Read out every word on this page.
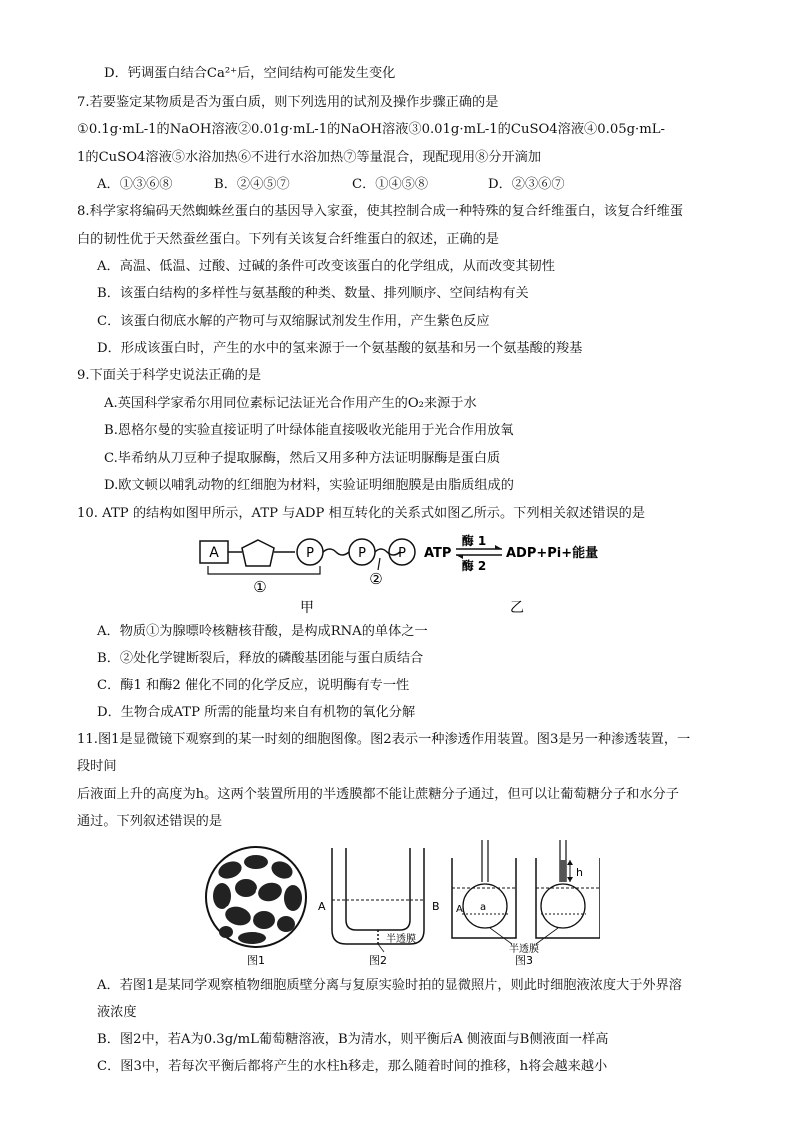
D．钙调蛋白结合Ca²⁺后，空间结构可能发生变化
7.若要鉴定某物质是否为蛋白质，则下列选用的试剂及操作步骤正确的是
①0.1g·mL-1的NaOH溶液②0.01g·mL-1的NaOH溶液③0.01g·mL-1的CuSO4溶液④0.05g·mL-
1的CuSO4溶液⑤水浴加热⑥不进行水浴加热⑦等量混合，现配现用⑧分开滴加
A．①③⑥⑧	B．②④⑤⑦	C．①④⑤⑧	D．②③⑥⑦
8.科学家将编码天然蜘蛛丝蛋白的基因导入家蚕，使其控制合成一种特殊的复合纤维蛋白，该复合纤维蛋
白的韧性优于天然蚕丝蛋白。下列有关该复合纤维蛋白的叙述，正确的是
A．高温、低温、过酸、过碱的条件可改变该蛋白的化学组成，从而改变其韧性
B．该蛋白结构的多样性与氨基酸的种类、数量、排列顺序、空间结构有关
C．该蛋白彻底水解的产物可与双缩脲试剂发生作用，产生紫色反应
D．形成该蛋白时，产生的水中的氢来源于一个氨基酸的氨基和另一个氨基酸的羧基
9.下面关于科学史说法正确的是
A.英国科学家希尔用同位素标记法证光合作用产生的O₂来源于水
B.恩格尔曼的实验直接证明了叶绿体能直接吸收光能用于光合作用放氧
C.毕希纳从刀豆种子提取脲酶，然后又用多种方法证明脲酶是蛋白质
D.欧文顿以哺乳动物的红细胞为材料，实验证明细胞膜是由脂质组成的
10. ATP 的结构如图甲所示，ATP 与ADP 相互转化的关系式如图乙所示。下列相关叙述错误的是
A	P	P P
①	②
甲
ATP
酶 1
酶 2
ADP+Pi+能量
乙
A．物质①为腺嘌呤核糖核苷酸，是构成RNA的单体之一
B．②处化学键断裂后，释放的磷酸基团能与蛋白质结合
C．酶1 和酶2 催化不同的化学反应，说明酶有专一性
D．生物合成ATP 所需的能量均来自有机物的氧化分解
11.图1是显微镜下观察到的某一时刻的细胞图像。图2表示一种渗透作用装置。图3是另一种渗透装置，一
段时间
后液面上升的高度为h。这两个装置所用的半透膜都不能让蔗糖分子通过，但可以让葡萄糖分子和水分子
通过。下列叙述错误的是
图1
A	B
半透膜
图2
A a
h
半透膜
图3
A．若图1是某同学观察植物细胞质壁分离与复原实验时拍的显微照片，则此时细胞液浓度大于外界溶
液浓度
B．图2中，若A为0.3g/mL葡萄糖溶液，B为清水，则平衡后A 侧液面与B侧液面一样高
C．图3中，若每次平衡后都将产生的水柱h移走，那么随着时间的推移，h将会越来越小
